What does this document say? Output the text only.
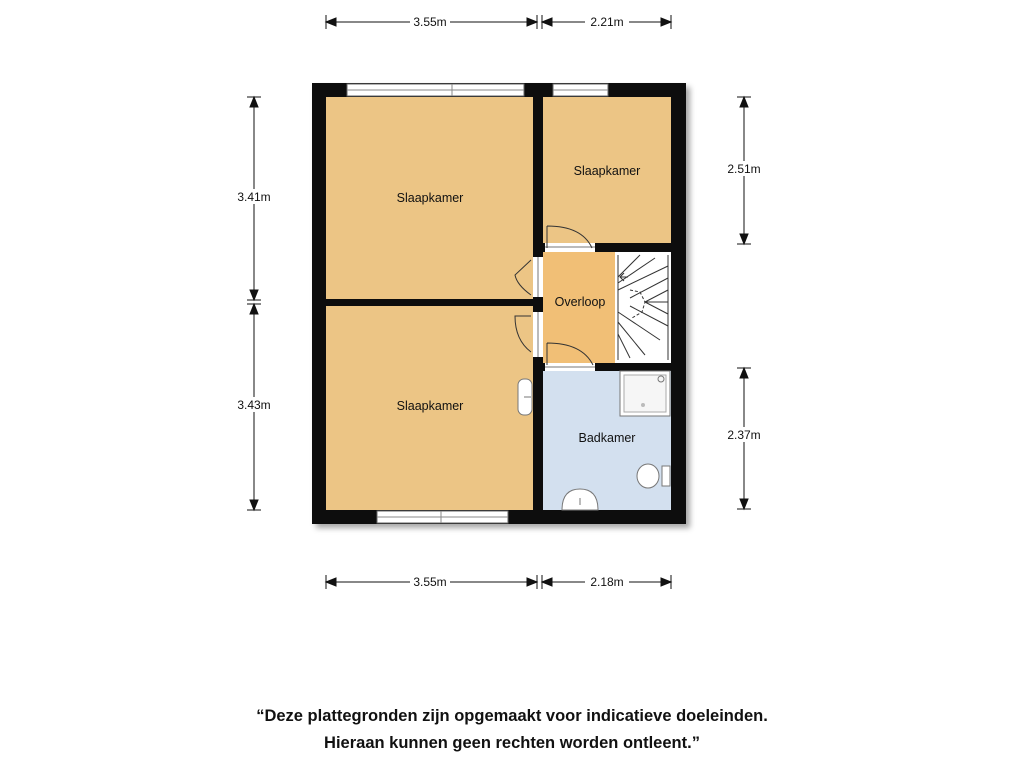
Slaapkamer
Slaapkamer
Slaapkamer
Overloop
Badkamer
3.55m	2.21m
3.55m	2.18m
3.41m
3.43m
2.51m
2.37m
“Deze plattegronden zijn opgemaakt voor indicatieve doeleinden.
Hieraan kunnen geen rechten worden ontleent.”
